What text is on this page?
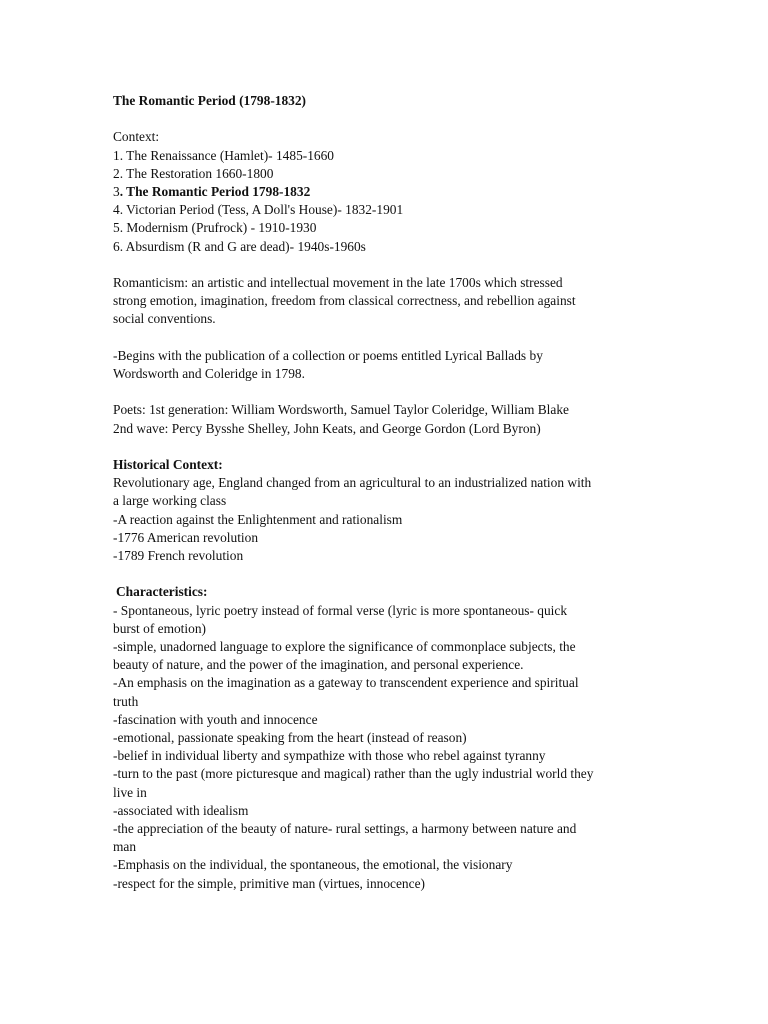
The Romantic Period (1798-1832)
Context:
1. The Renaissance (Hamlet)- 1485-1660
2. The Restoration 1660-1800
3. The Romantic Period 1798-1832
4. Victorian Period (Tess, A Doll's House)- 1832-1901
5. Modernism (Prufrock) - 1910-1930
6. Absurdism (R and G are dead)- 1940s-1960s
Romanticism: an artistic and intellectual movement in the late 1700s which stressed
strong emotion, imagination, freedom from classical correctness, and rebellion against
social conventions.
-Begins with the publication of a collection or poems entitled Lyrical Ballads by
Wordsworth and Coleridge in 1798.
Poets: 1st generation: William Wordsworth, Samuel Taylor Coleridge, William Blake
2nd wave: Percy Bysshe Shelley, John Keats, and George Gordon (Lord Byron)
Historical Context:
Revolutionary age, England changed from an agricultural to an industrialized nation with
a large working class
-A reaction against the Enlightenment and rationalism
-1776 American revolution
-1789 French revolution
Characteristics:
- Spontaneous, lyric poetry instead of formal verse (lyric is more spontaneous- quick
burst of emotion)
-simple, unadorned language to explore the significance of commonplace subjects, the
beauty of nature, and the power of the imagination, and personal experience.
-An emphasis on the imagination as a gateway to transcendent experience and spiritual
truth
-fascination with youth and innocence
-emotional, passionate speaking from the heart (instead of reason)
-belief in individual liberty and sympathize with those who rebel against tyranny
-turn to the past (more picturesque and magical) rather than the ugly industrial world they
live in
-associated with idealism
-the appreciation of the beauty of nature- rural settings, a harmony between nature and
man
-Emphasis on the individual, the spontaneous, the emotional, the visionary
-respect for the simple, primitive man (virtues, innocence)
